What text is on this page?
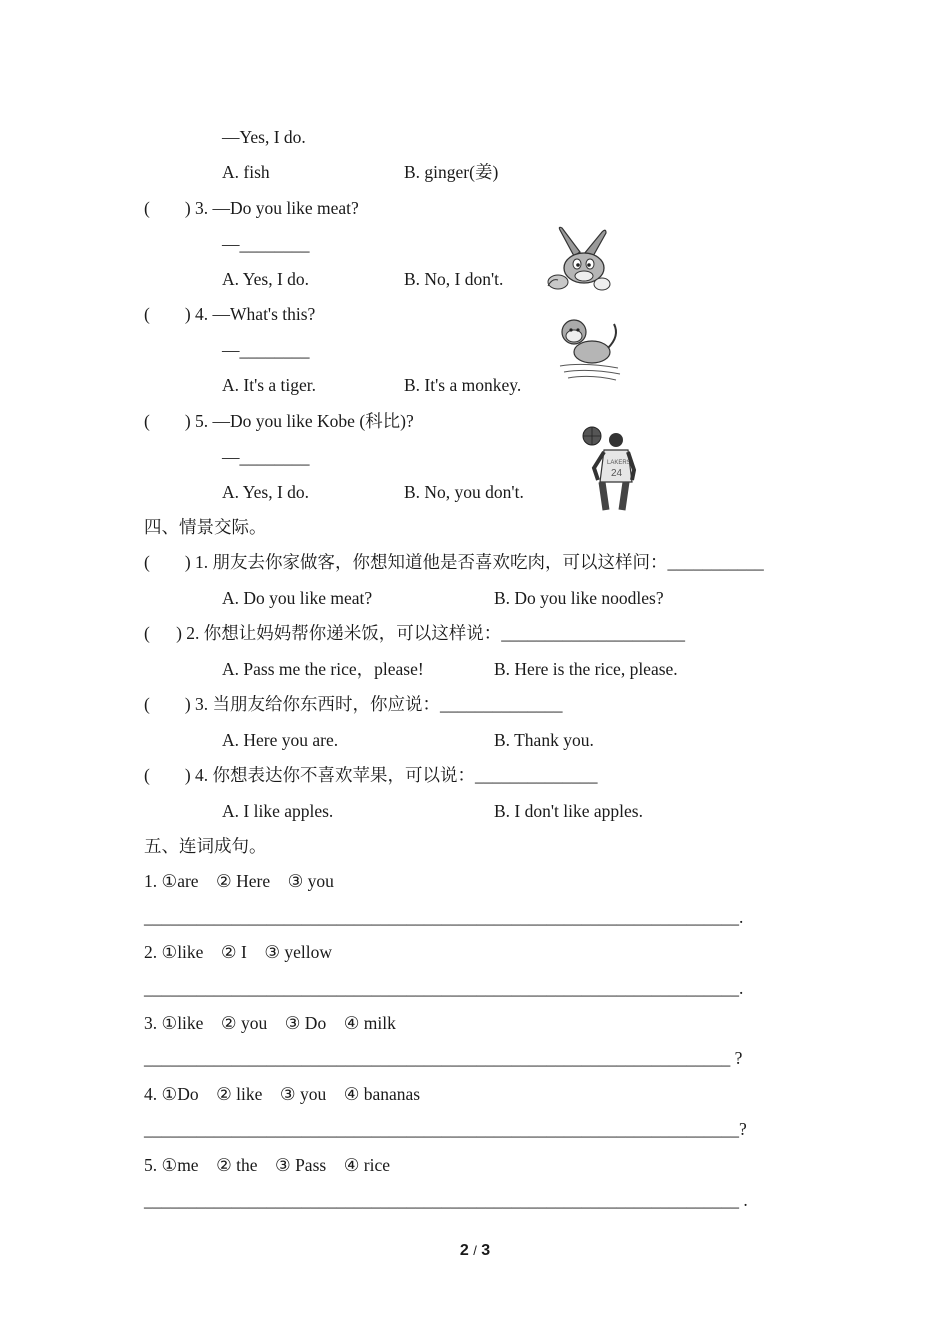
—Yes, I do.
A. fish	B. ginger(姜)
(        ) 3. —Do you like meat?
—________
A. Yes, I do.	B. No, I don't.
(        ) 4. —What's this?
—________
A. It's a tiger.	B. It's a monkey.
(        ) 5. —Do you like Kobe (科比)?
—________
A. Yes, I do.	B. No, you don't.
LAKERS
24
四、情景交际。
(        ) 1. 朋友去你家做客，你想知道他是否喜欢吃肉，可以这样问：___________
A. Do you like meat?	B. Do you like noodles?
(      ) 2. 你想让妈妈帮你递米饭，可以这样说：_____________________
A. Pass me the rice，please!	B. Here is the rice, please.
(        ) 3. 当朋友给你东西时，你应说：______________
A. Here you are.	B. Thank you.
(        ) 4. 你想表达你不喜欢苹果，可以说：______________
A. I like apples.	B. I don't like apples.
五、连词成句。
1. ①are    ② Here    ③ you
____________________________________________________________________.
2. ①like    ② I    ③ yellow
____________________________________________________________________.
3. ①like    ② you    ③ Do    ④ milk
___________________________________________________________________ ?
4. ①Do    ② like    ③ you    ④ bananas
____________________________________________________________________?
5. ①me    ② the    ③ Pass    ④ rice
____________________________________________________________________ .
2 / 3
